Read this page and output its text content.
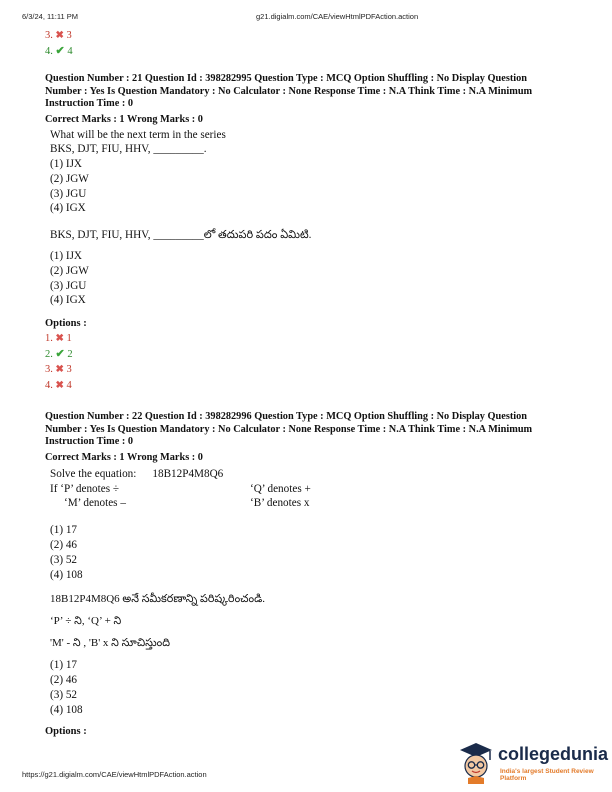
6/3/24, 11:11 PM	g21.digialm.com/CAE/viewHtmlPDFAction.action
3. ✖ 3
4. ✔ 4
Question Number : 21 Question Id : 398282995 Question Type : MCQ Option Shuffling : No Display Question
Number : Yes Is Question Mandatory : No Calculator : None Response Time : N.A Think Time : N.A Minimum
Instruction Time : 0
Correct Marks : 1 Wrong Marks : 0
What will be the next term in the series
BKS, DJT, FIU, HHV, _________.
(1) IJX
(2) JGW
(3) JGU
(4) IGX
BKS, DJT, FIU, HHV, _________లో తదుపరి పదం ఏమిటి.
(1) IJX
(2) JGW
(3) JGU
(4) IGX
Options :
1. ✖ 1
2. ✔ 2
3. ✖ 3
4. ✖ 4
Question Number : 22 Question Id : 398282996 Question Type : MCQ Option Shuffling : No Display Question
Number : Yes Is Question Mandatory : No Calculator : None Response Time : N.A Think Time : N.A Minimum
Instruction Time : 0
Correct Marks : 1 Wrong Marks : 0
Solve the equation: 18B12P4M8Q6
If ‘P’ denotes ÷	‘Q’ denotes +
‘M’ denotes –	‘B’ denotes x
(1) 17
(2) 46
(3) 52
(4) 108
18B12P4M8Q6 అనే సమీకరణాన్ని పరిష్కరించండి.
‘P’ ÷ ని, ‘Q’ + ని
'M' - ని , 'B' x ని సూచిస్తుంది
(1) 17
(2) 46
(3) 52
(4) 108
Options :
https://g21.digialm.com/CAE/viewHtmlPDFAction.action
collegedunia
India's largest Student Review Platform
